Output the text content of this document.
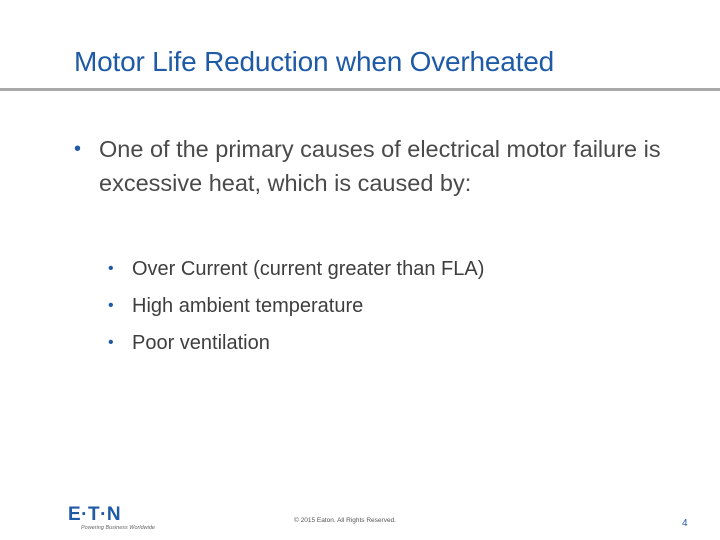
Motor Life Reduction when Overheated
• One of the primary causes of electrical motor failure is excessive heat, which is caused by:
• Over Current (current greater than FLA)
• High ambient temperature
• Poor ventilation
E·T·N
Powering Business Worldwide
© 2015 Eaton. All Rights Reserved.	4
